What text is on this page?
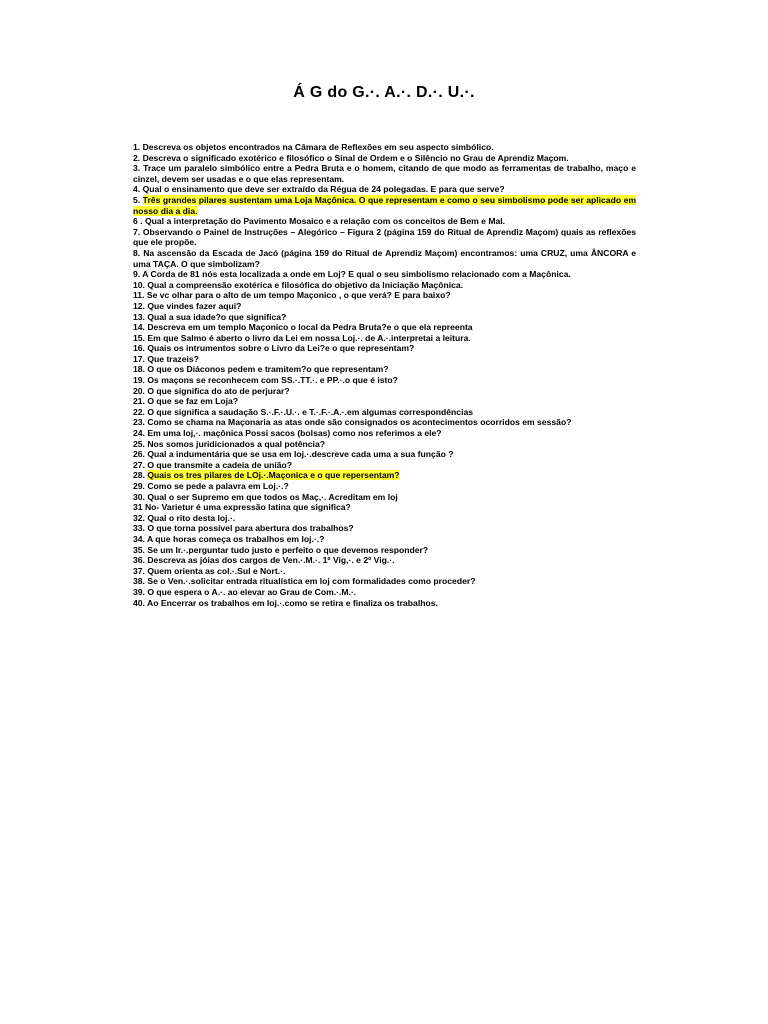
Á G do G.·. A.·. D.·. U.·.

1. Descreva os objetos encontrados na Câmara de Reflexões em seu aspecto simbólico.

2. Descreva o significado exotérico e filosófico o Sinal de Ordem e o Silêncio no Grau de Aprendiz Maçom.

3. Trace um paralelo simbólico entre a Pedra Bruta e o homem, citando de que modo as ferramentas de trabalho, maço e cinzel, devem ser usadas e o que elas representam.

4. Qual o ensinamento que deve ser extraído da Régua de 24 polegadas. E para que serve?

5. Três grandes pilares sustentam uma Loja Maçônica. O que representam e como o seu simbolismo pode ser aplicado em nosso dia a dia.

6 . Qual a interpretação do Pavimento Mosaico e a relação com os conceitos de Bem e Mal.

7. Observando o Painel de Instruções – Alegórico – Figura 2 (página 159 do Ritual de Aprendiz Maçom) quais as reflexões que ele propõe.

8. Na ascensão da Escada de Jacó (página 159 do Ritual de Aprendiz Maçom) encontramos: uma CRUZ, uma ÂNCORA e uma TAÇA. O que simbolizam?

9. A Corda de 81 nós esta localizada a onde em Loj? E qual o seu simbolismo relacionado com a Maçônica.

10. Qual a compreensão exotérica e filosófica do objetivo da Iniciação Maçônica.

11. Se vc olhar para o alto de um tempo Maçonico , o que verá? E para baixo?

12. Que vindes fazer aqui?

13. Qual a sua idade?o que significa?

14. Descreva em um templo Maçonico o local da Pedra Bruta?e o que ela repreenta

15. Em que Salmo é aberto o livro da Lei em nossa Loj.·. de A.·.interpretai a leitura.

16. Quais os intrumentos sobre o Livro da Lei?e o que representam?

17. Que trazeis?

18. O que os Diáconos pedem e tramitem?o que representam?

19. Os maçons se reconhecem com SS.·.TT.·. e PP.·.o que é isto?

20. O que significa do ato de perjurar?

21. O que se faz em Loja?

22. O que significa a saudação S.·.F.·.U.·. e T.·.F.·.A.·.em algumas correspondências

23. Como se chama na Maçonaria as atas onde são consignados os acontecimentos ocorridos em sessão?

24. Em uma loj,·. maçônica Possi sacos (bolsas) como nos referimos a ele?

25. Nos somos juridicionados a qual potência?

26. Qual a indumentária que se usa em loj.·.descreve cada uma a sua função ?

27. O que transmite a cadeia de união?

28. Quais os tres pilares de LOj.·.Maçonica e o que repersentam?

29. Como se pede a palavra em Loj.·.?

30. Qual o ser Supremo em que todos os Maç,·. Acreditam em loj

31 No- Varietur é uma expressão latina que significa?

32. Qual o rito desta loj.·.

33. O que torna possível para abertura dos trabalhos?

34. A que horas começa os trabalhos em loj.·.?

35. Se um Ir.·.perguntar tudo justo e perfeito o que devemos responder?

36. Descreva as jóias dos cargos de Ven.·.M.·. 1º Vig,·. e 2º Vig.·.

37. Quem orienta as col.·.Sul e Nort.·.

38. Se o Ven.·.solicitar entrada ritualística em loj com formalidades como proceder?

39. O que espera o A.·. ao elevar ao Grau de Com.·.M.·.

40. Ao Encerrar os trabalhos em loj.·.como se retira e finaliza os trabalhos.
